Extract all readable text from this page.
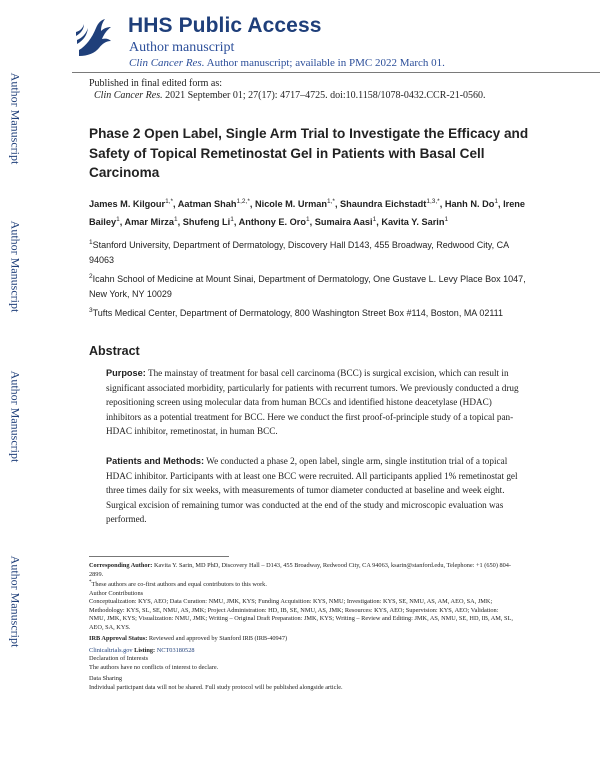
HHS Public Access
Author manuscript
Clin Cancer Res. Author manuscript; available in PMC 2022 March 01.
Author Manuscript
Author Manuscript
Author Manuscript
Author Manuscript
Published in final edited form as:
Clin Cancer Res. 2021 September 01; 27(17): 4717–4725. doi:10.1158/1078-0432.CCR-21-0560.
Phase 2 Open Label, Single Arm Trial to Investigate the Efficacy and Safety of Topical Remetinostat Gel in Patients with Basal Cell Carcinoma

James M. Kilgour$^{1,*}$, Aatman Shah$^{1,2,*}$, Nicole M. Urman$^{1,*}$, Shaundra Eichstadt$^{1,3,*}$, Hanh N. Do$^1$, Irene Bailey$^1$, Amar Mirza$^1$, Shufeng Li$^1$, Anthony E. Oro$^1$, Sumaira Aasi$^1$, Kavita Y. Sarin$^1$

$^1$Stanford University, Department of Dermatology, Discovery Hall D143, 455 Broadway, Redwood City, CA 94063

$^2$Icahn School of Medicine at Mount Sinai, Department of Dermatology, One Gustave L. Levy Place Box 1047, New York, NY 10029

$^3$Tufts Medical Center, Department of Dermatology, 800 Washington Street Box #114, Boston, MA 02111

Abstract

Purpose: The mainstay of treatment for basal cell carcinoma (BCC) is surgical excision, which can result in significant associated morbidity, particularly for patients with recurrent tumors. We previously conducted a drug repositioning screen using molecular data from human BCCs and identified histone deacetylase (HDAC) inhibitors as a potential treatment for BCC. Here we conduct the first proof-of-principle study of a topical pan-HDAC inhibitor, remetinostat, in human BCC.

Patients and Methods: We conducted a phase 2, open label, single arm, single institution trial of a topical HDAC inhibitor. Participants with at least one BCC were recruited. All participants applied 1% remetinostat gel three times daily for six weeks, with measurements of tumor diameter conducted at baseline and week eight. Surgical excision of remaining tumor was conducted at the end of the study and microscopic evaluation was performed.

Corresponding Author: Kavita Y. Sarin, MD PhD, Discovery Hall – D143, 455 Broadway, Redwood City, CA 94063, ksarin@stanford.edu, Telephone: +1 (650) 804-2899.

*These authors are co-first authors and equal contributors to this work.

Author Contributions

Conceptualization: KYS, AEO; Data Curation: NMU, JMK, KYS; Funding Acquisition: KYS, NMU; Investigation: KYS, SE, NMU, AS, AM, AEO, SA, JMK; Methodology: KYS, SL, SE, NMU, AS, JMK; Project Administration: HD, IB, SE, NMU, AS, JMK; Resources: KYS, AEO; Supervision: KYS, AEO; Validation: NMU, JMK, KYS; Visualization: NMU, JMK; Writing – Original Draft Preparation: JMK, KYS; Writing – Review and Editing: JMK, AS, NMU, SE, HD, IB, AM, SL, AEO, SA, KYS.

IRB Approval Status: Reviewed and approved by Stanford IRB (IRB-40947)

Clinicaltrials.gov Listing: NCT03180528

Declaration of Interests

The authors have no conflicts of interest to declare.

Data Sharing

Individual participant data will not be shared. Full study protocol will be published alongside article.
